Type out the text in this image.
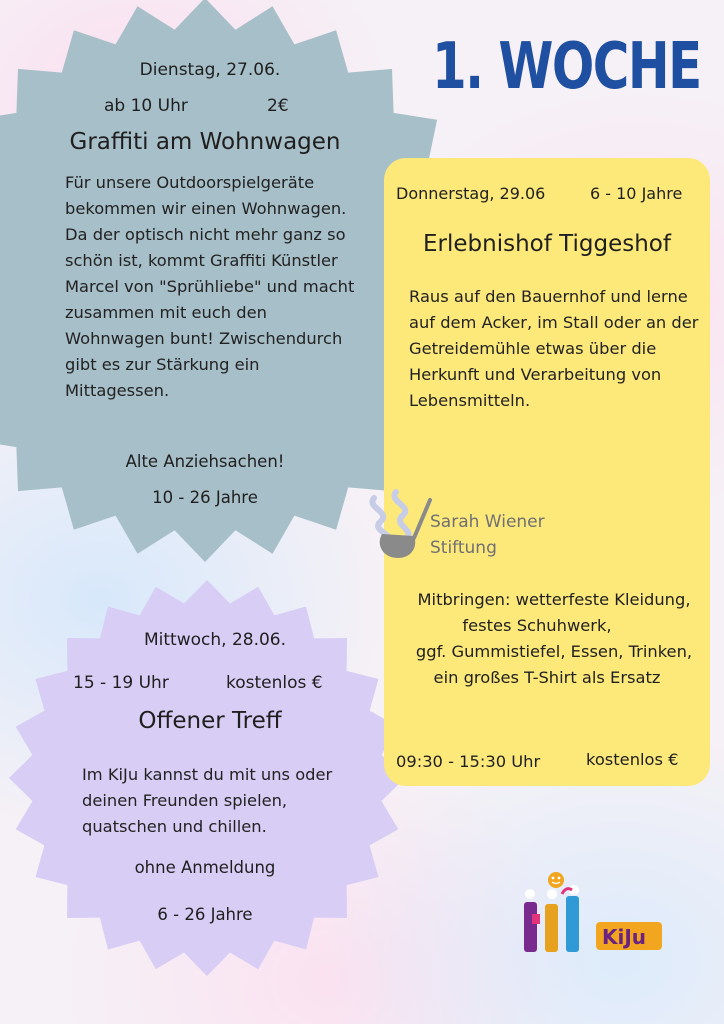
1. WOCHE
Dienstag, 27.06.
ab 10 Uhr	2€
Graffiti am Wohnwagen
Für unsere Outdoorspielgeräte bekommen wir einen Wohnwagen. Da der optisch nicht mehr ganz so schön ist, kommt Graffiti Künstler Marcel von "Sprühliebe" und macht zusammen mit euch den Wohnwagen bunt! Zwischendurch gibt es zur Stärkung ein Mittagessen.
Alte Anziehsachen!
10 - 26 Jahre
Donnerstag, 29.06	6 - 10 Jahre
Erlebnishof Tiggeshof
Raus auf den Bauernhof und lerne auf dem Acker, im Stall oder an der Getreidemühle etwas über die Herkunft und Verarbeitung von Lebensmitteln.
Sarah Wiener
Stiftung
Mitbringen: wetterfeste Kleidung,
festes Schuhwerk,
ggf. Gummistiefel, Essen, Trinken,
ein großes T-Shirt als Ersatz
09:30 - 15:30 Uhr	kostenlos €
Mittwoch, 28.06.
15 - 19 Uhr	kostenlos €
Offener Treff
Im KiJu kannst du mit uns oder deinen Freunden spielen, quatschen und chillen.
ohne Anmeldung
6 - 26 Jahre
KiJu
